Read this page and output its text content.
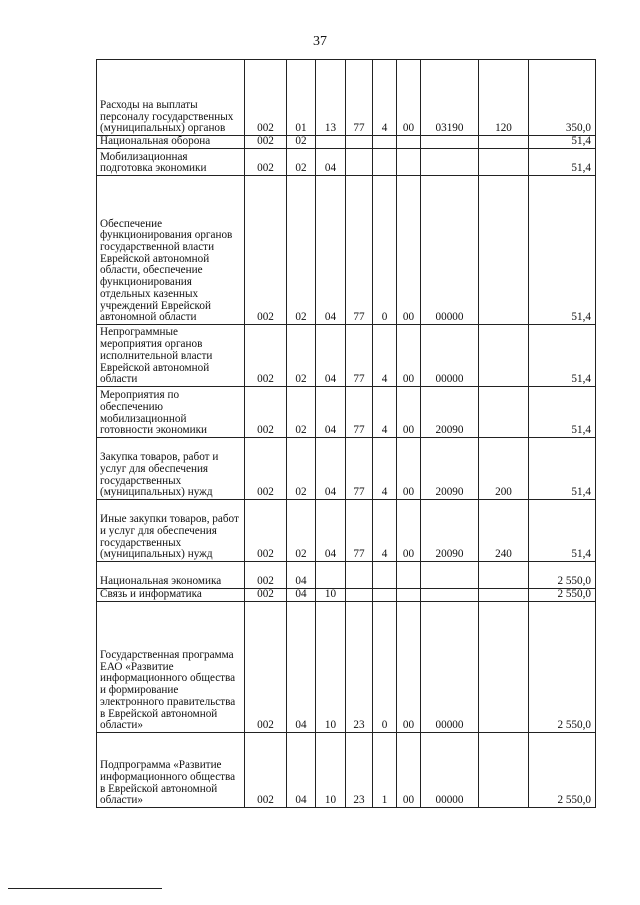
37
Расходы на выплаты персоналу государственных (муниципальных) органов	002	01	13	77	4	00	03190	120	350,0
Национальная оборона	002	02							51,4
Мобилизационная подготовка экономики	002	02	04						51,4
Обеспечение функционирования органов государственной власти Еврейской автономной области, обеспечение функционирования отдельных казенных учреждений Еврейской автономной области	002	02	04	77	0	00	00000		51,4
Непрограммные мероприятия органов исполнительной власти Еврейской автономной области	002	02	04	77	4	00	00000		51,4
Мероприятия по обеспечению мобилизационной готовности экономики	002	02	04	77	4	00	20090		51,4
Закупка товаров, работ и услуг для обеспечения государственных (муниципальных) нужд	002	02	04	77	4	00	20090	200	51,4
Иные закупки товаров, работ и услуг для обеспечения государственных (муниципальных) нужд	002	02	04	77	4	00	20090	240	51,4
Национальная экономика	002	04							2 550,0
Связь и информатика	002	04	10						2 550,0
Государственная программа ЕАО «Развитие информационного общества и формирование электронного правительства в Еврейской автономной области»	002	04	10	23	0	00	00000		2 550,0
Подпрограмма «Развитие информационного общества в Еврейской автономной области»	002	04	10	23	1	00	00000		2 550,0
